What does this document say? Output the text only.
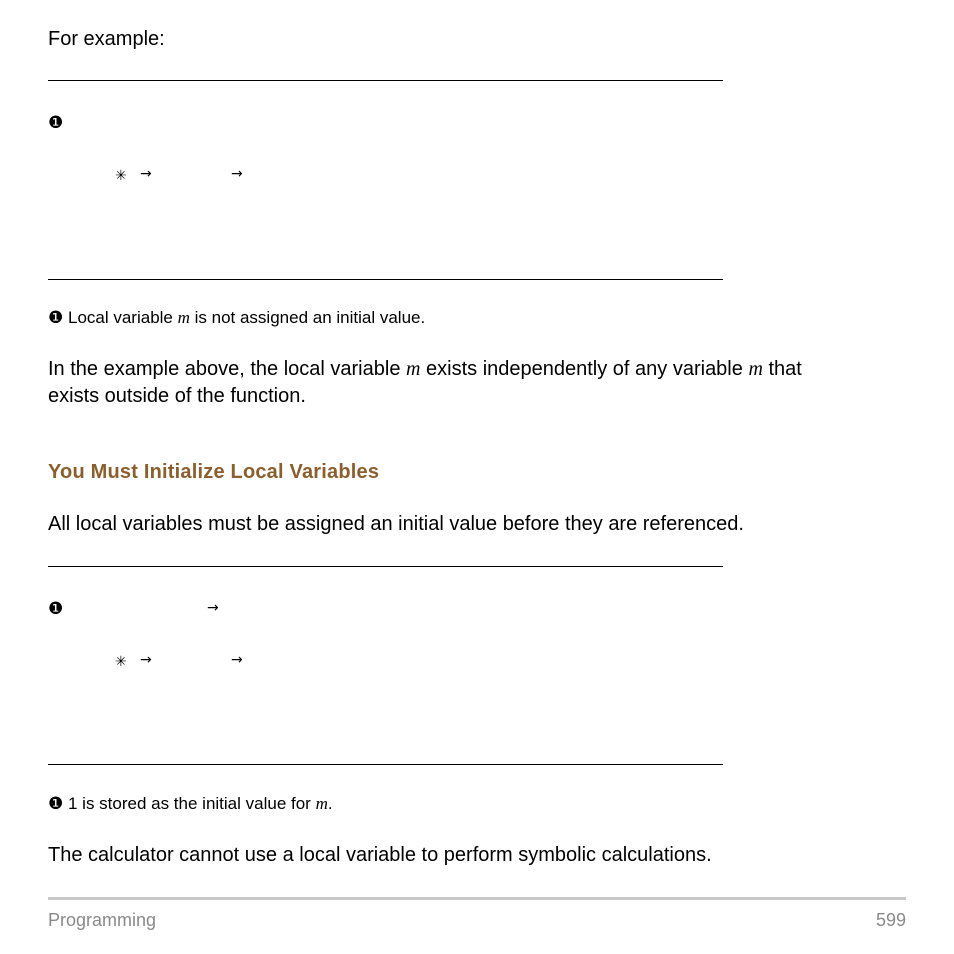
For example:
❶
✳ →	→
❶ Local variable m is not assigned an initial value.
In the example above, the local variable m exists independently of any variable m that
exists outside of the function.
You Must Initialize Local Variables
All local variables must be assigned an initial value before they are referenced.
❶	→
✳ →	→
❶ 1 is stored as the initial value for m.
The calculator cannot use a local variable to perform symbolic calculations.
Programming	599
